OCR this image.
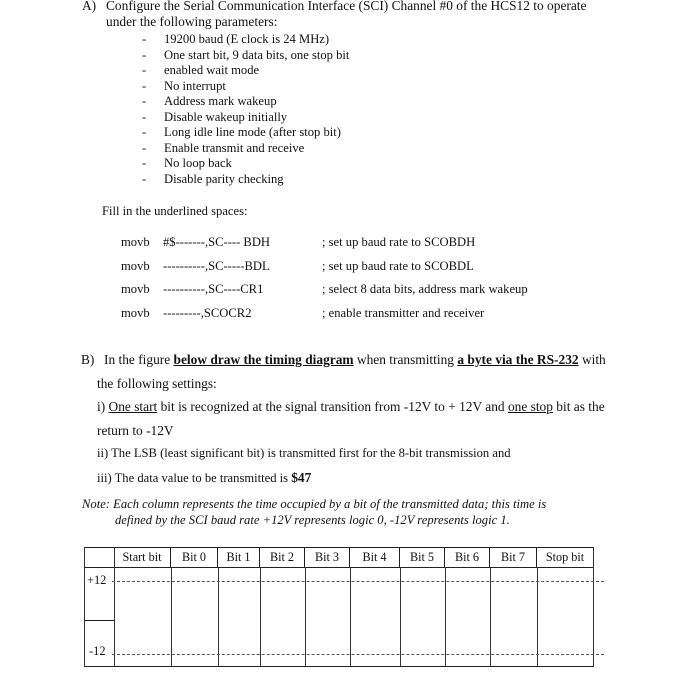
A) Configure the Serial Communication Interface (SCI) Channel #0 of the HCS12 to operate
under the following parameters:
- 19200 baud (E clock is 24 MHz)
- One start bit, 9 data bits, one stop bit
- enabled wait mode
- No interrupt
- Address mark wakeup
- Disable wakeup initially
- Long idle line mode (after stop bit)
- Enable transmit and receive
- No loop back
- Disable parity checking
Fill in the underlined spaces:
movb #$-------,SC---- BDH	; set up baud rate to SCOBDH
movb ----------,SC-----BDL	; set up baud rate to SCOBDL
movb ----------,SC----CR1	; select 8 data bits, address mark wakeup
movb ---------,SCOCR2	; enable transmitter and receiver
B) In the figure below draw the timing diagram when transmitting a byte via the RS-232 with
the following settings:
i) One start bit is recognized at the signal transition from -12V to + 12V and one stop bit as the
return to -12V
ii) The LSB (least significant bit) is transmitted first for the 8-bit transmission and
iii) The data value to be transmitted is $47
Note: Each column represents the time occupied by a bit of the transmitted data; this time is
defined by the SCI baud rate +12V represents logic 0, -12V represents logic 1.
Start bit	Bit 0	Bit 1	Bit 2	Bit 3	Bit 4	Bit 5	Bit 6	Bit 7	Stop bit
+12
-12
